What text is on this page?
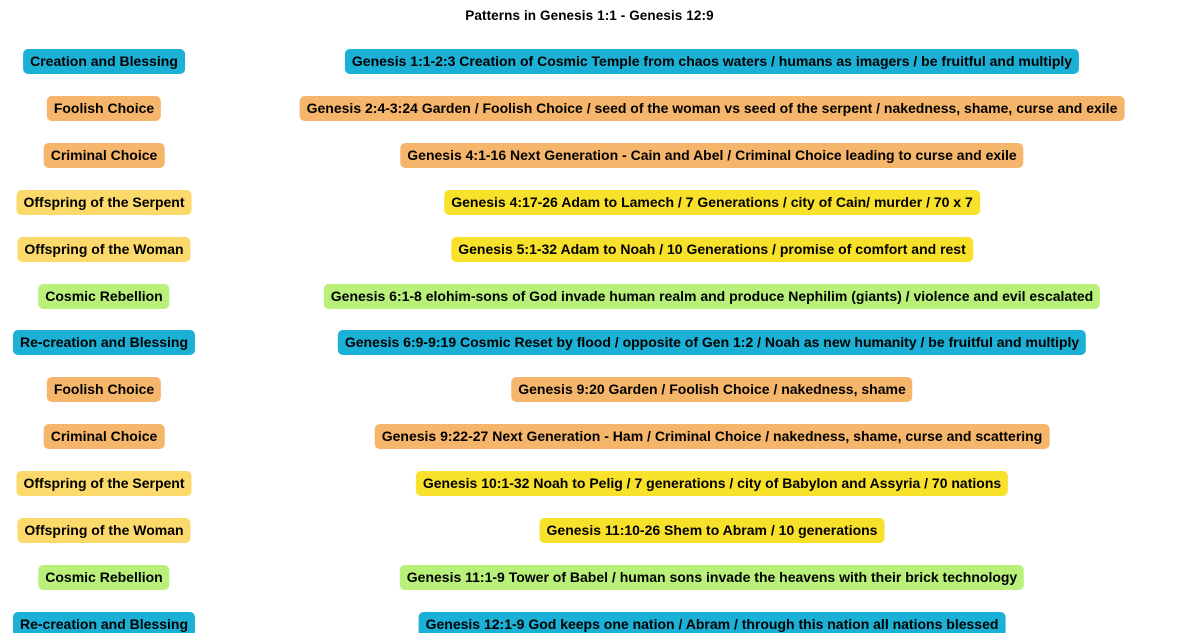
Patterns in Genesis 1:1 - Genesis 12:9
Creation and Blessing	Genesis 1:1-2:3 Creation of Cosmic Temple from chaos waters / humans as imagers / be fruitful and multiply
Foolish Choice	Genesis 2:4-3:24 Garden / Foolish Choice / seed of the woman vs seed of the serpent / nakedness, shame, curse and exile
Criminal Choice	Genesis 4:1-16 Next Generation - Cain and Abel / Criminal Choice leading to curse and exile
Offspring of the Serpent	Genesis 4:17-26 Adam to Lamech / 7 Generations / city of Cain/ murder / 70 x 7
Offspring of the Woman	Genesis 5:1-32 Adam to Noah / 10 Generations / promise of comfort and rest
Cosmic Rebellion	Genesis 6:1-8 elohim-sons of God invade human realm and produce Nephilim (giants) / violence and evil escalated
Re-creation and Blessing	Genesis 6:9-9:19 Cosmic Reset by flood / opposite of Gen 1:2 / Noah as new humanity / be fruitful and multiply
Foolish Choice	Genesis 9:20 Garden / Foolish Choice / nakedness, shame
Criminal Choice	Genesis 9:22-27 Next Generation - Ham / Criminal Choice / nakedness, shame, curse and scattering
Offspring of the Serpent	Genesis 10:1-32 Noah to Pelig / 7 generations / city of Babylon and Assyria / 70 nations
Offspring of the Woman	Genesis 11:10-26 Shem to Abram / 10 generations
Cosmic Rebellion	Genesis 11:1-9 Tower of Babel / human sons invade the heavens with their brick technology
Re-creation and Blessing	Genesis 12:1-9 God keeps one nation / Abram / through this nation all nations blessed
